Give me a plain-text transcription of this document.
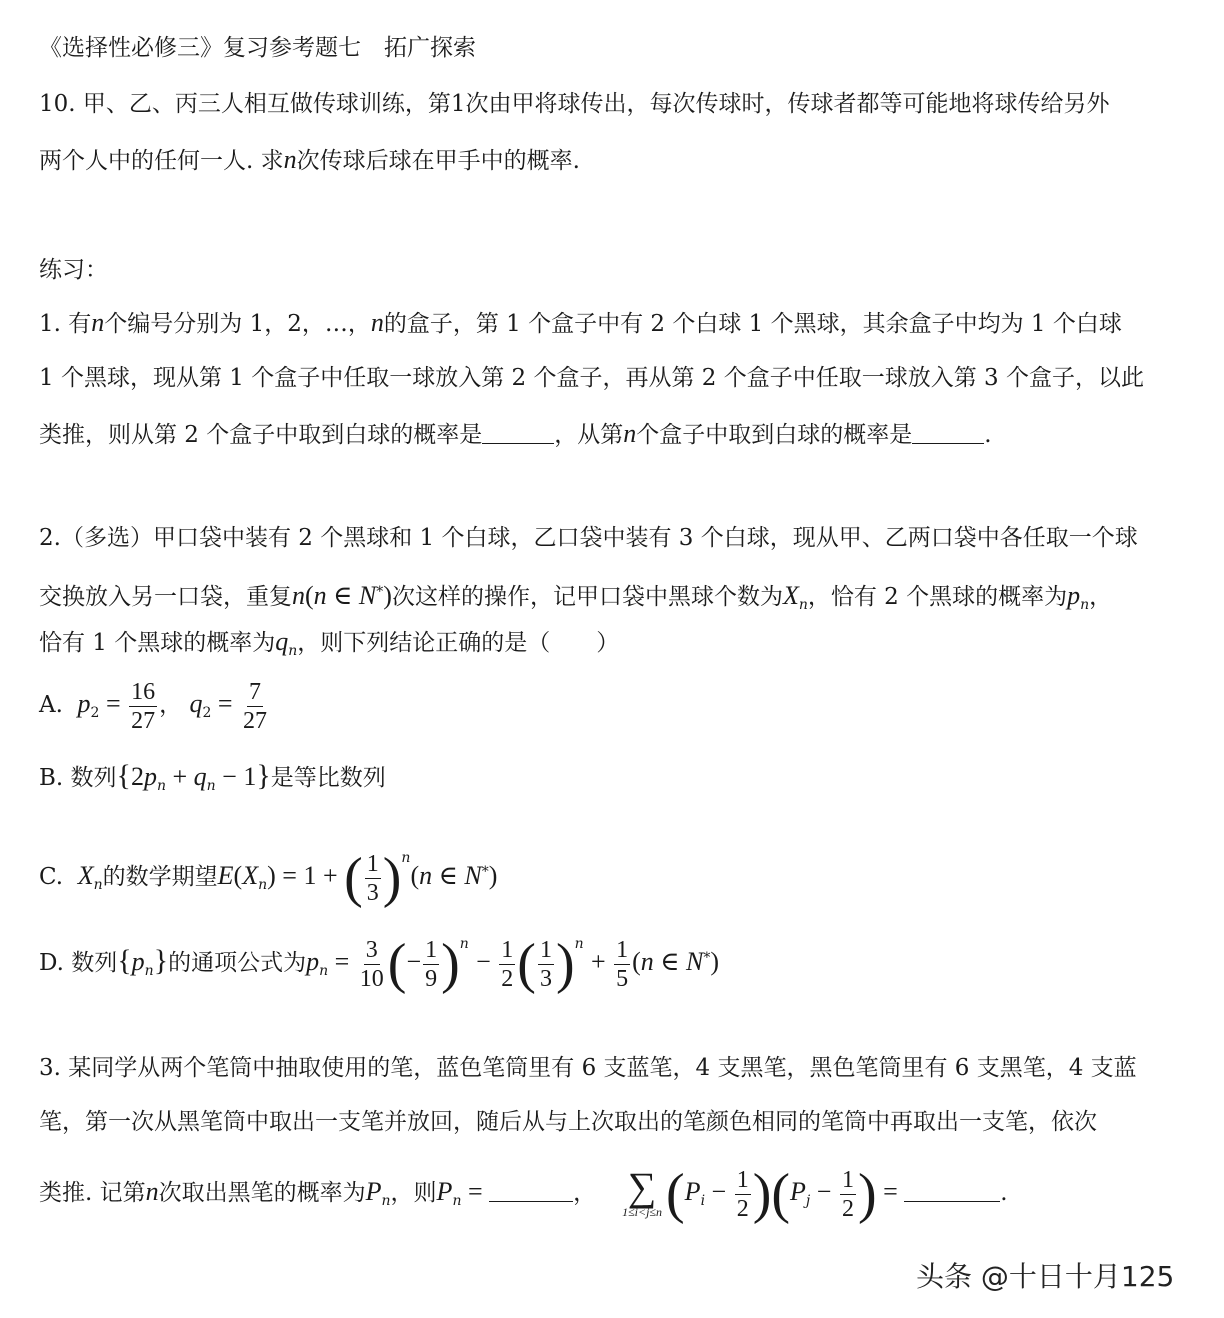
《选择性必修三》复习参考题七　拓广探索
10. 甲、乙、丙三人相互做传球训练，第1次由甲将球传出，每次传球时，传球者都等可能地将球传给另外
两个人中的任何一人. 求n次传球后球在甲手中的概率.
练习：
1. 有n个编号分别为 1，2，…，n的盒子，第 1 个盒子中有 2 个白球 1 个黑球，其余盒子中均为 1 个白球
1 个黑球，现从第 1 个盒子中任取一球放入第 2 个盒子，再从第 2 个盒子中任取一球放入第 3 个盒子，以此
类推，则从第 2 个盒子中取到白球的概率是	，从第n个盒子中取到白球的概率是	.
2.（多选）甲口袋中装有 2 个黑球和 1 个白球，乙口袋中装有 3 个白球，现从甲、乙两口袋中各任取一个球
交换放入另一口袋，重复n(n ∈ N*)次这样的操作，记甲口袋中黑球个数为$X_n$，恰有 2 个黑球的概率为$p_n$，
恰有 1 个黑球的概率为$q_n$，则下列结论正确的是（　　）
A. $p_2 = \frac{16}{27}$ ， $q_2 = \frac{7}{27}$
B. 数列$\{2p_n + q_n - 1\}$是等比数列
C. $X_n$的数学期望$E(X_n) = 1$ + ( $\frac{1}{3} )^n(n$ ∈ N*)
D. 数列$\{p_n\}$的通项公式为$p_n = \frac{3}{10}$ (− $\frac{1}{9} )^n - \frac{1}{2}$ ( $\frac{1}{3} )^n + \frac{1}{5} (n$ ∈ N*)
3. 某同学从两个笔筒中抽取使用的笔，蓝色笔筒里有 6 支蓝笔，4 支黑笔，黑色笔筒里有 6 支黑笔，4 支蓝
笔，第一次从黑笔筒中取出一支笔并放回，随后从与上次取出的笔颜色相同的笔筒中再取出一支笔，依次
类推. 记第n次取出黑笔的概率为$P_n$，则$P_n$ =	， ∑
1≤i<j≤n $(P_i - \frac{1}{2} )(P_j - \frac{1}{2}$ ) =	.
头条 @十日十月125
